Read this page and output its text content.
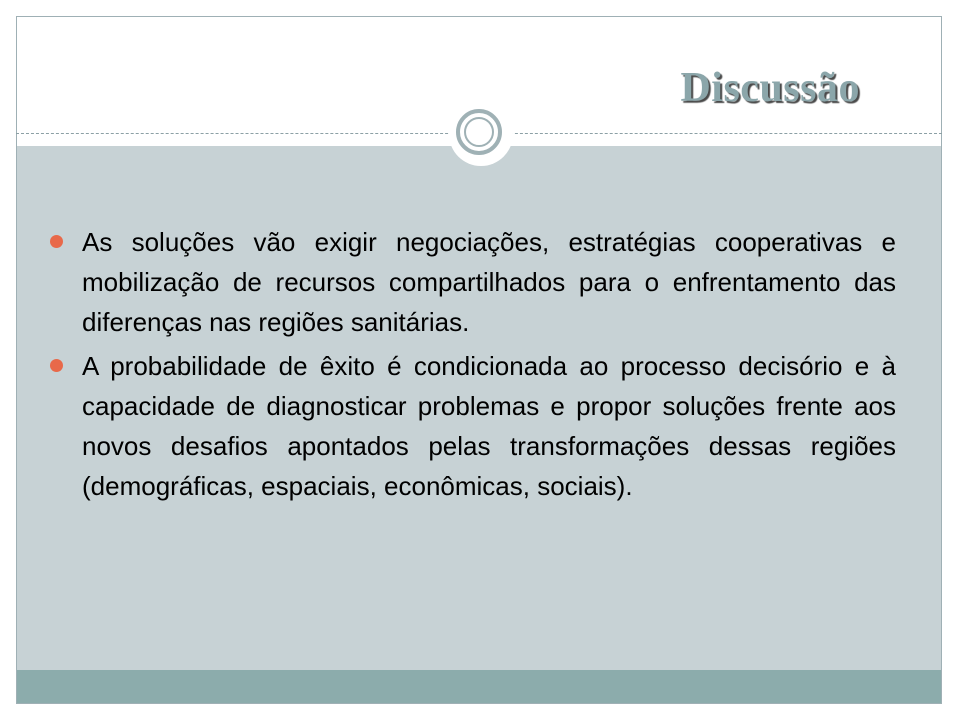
Discussão
As soluções vão exigir negociações, estratégias cooperativas e mobilização de recursos compartilhados para o enfrentamento das diferenças nas regiões sanitárias.
A probabilidade de êxito é condicionada ao processo decisório e à capacidade de diagnosticar problemas e propor soluções frente aos novos desafios apontados pelas transformações dessas regiões (demográficas, espaciais, econômicas, sociais).
